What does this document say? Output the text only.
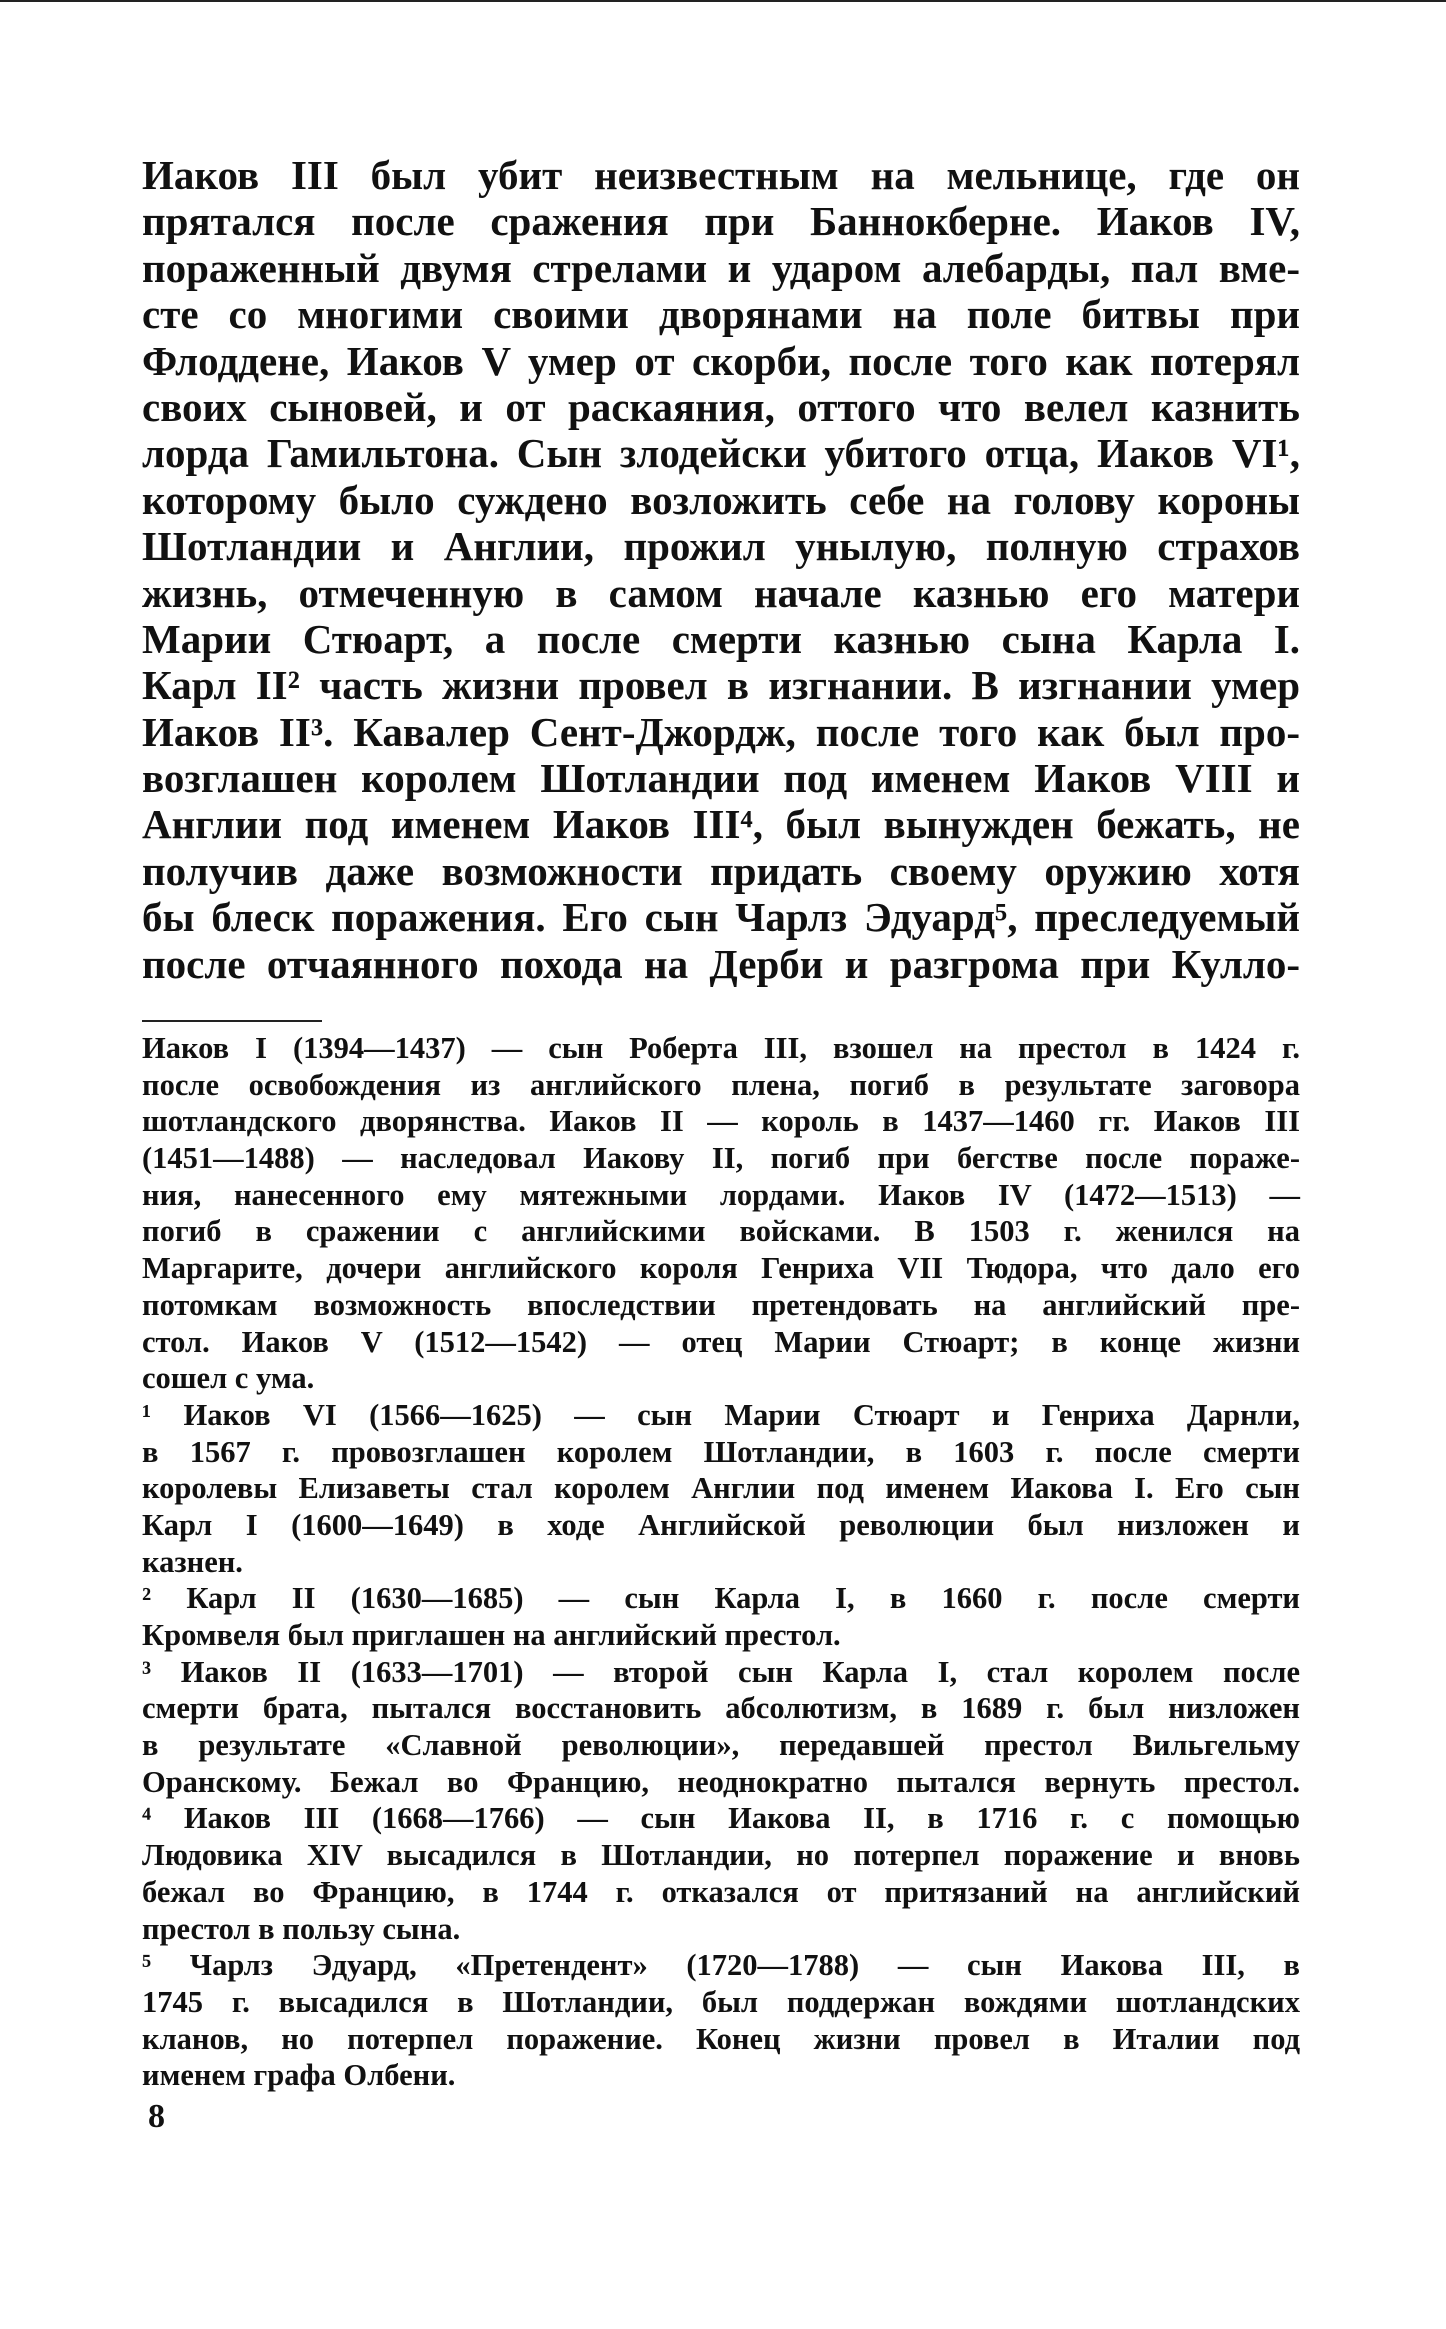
Иаков III был убит неизвестным на мельнице, где он
прятался после сражения при Баннокберне. Иаков IV,
пораженный двумя стрелами и ударом алебарды, пал вме-
сте со многими своими дворянами на поле битвы при
Флоддене, Иаков V умер от скорби, после того как потерял
своих сыновей, и от раскаяния, оттого что велел казнить
лорда Гамильтона. Сын злодейски убитого отца, Иаков VI¹,
которому было суждено возложить себе на голову короны
Шотландии и Англии, прожил унылую, полную страхов
жизнь, отмеченную в самом начале казнью его матери
Марии Стюарт, а после смерти казнью сына Карла I.
Карл II² часть жизни провел в изгнании. В изгнании умер
Иаков II³. Кавалер Сент-Джордж, после того как был про-
возглашен королем Шотландии под именем Иаков VIII и
Англии под именем Иаков III⁴, был вынужден бежать, не
получив даже возможности придать своему оружию хотя
бы блеск поражения. Его сын Чарлз Эдуард⁵, преследуемый
после отчаянного похода на Дерби и разгрома при Кулло-
Иаков I (1394—1437) — сын Роберта III, взошел на престол в 1424 г.
после освобождения из английского плена, погиб в результате заговора
шотландского дворянства. Иаков II — король в 1437—1460 гг. Иаков III
(1451—1488) — наследовал Иакову II, погиб при бегстве после пораже-
ния, нанесенного ему мятежными лордами. Иаков IV (1472—1513) —
погиб в сражении с английскими войсками. В 1503 г. женился на
Маргарите, дочери английского короля Генриха VII Тюдора, что дало его
потомкам возможность впоследствии претендовать на английский пре-
стол. Иаков V (1512—1542) — отец Марии Стюарт; в конце жизни
сошел с ума.
¹ Иаков VI (1566—1625) — сын Марии Стюарт и Генриха Дарнли,
в 1567 г. провозглашен королем Шотландии, в 1603 г. после смерти
королевы Елизаветы стал королем Англии под именем Иакова I. Его сын
Карл I (1600—1649) в ходе Английской революции был низложен и
казнен.
² Карл II (1630—1685) — сын Карла I, в 1660 г. после смерти
Кромвеля был приглашен на английский престол.
³ Иаков II (1633—1701) — второй сын Карла I, стал королем после
смерти брата, пытался восстановить абсолютизм, в 1689 г. был низложен
в результате «Славной революции», передавшей престол Вильгельму
Оранскому. Бежал во Францию, неоднократно пытался вернуть престол.
⁴ Иаков III (1668—1766) — сын Иакова II, в 1716 г. с помощью
Людовика XIV высадился в Шотландии, но потерпел поражение и вновь
бежал во Францию, в 1744 г. отказался от притязаний на английский
престол в пользу сына.
⁵ Чарлз Эдуард, «Претендент» (1720—1788) — сын Иакова III, в
1745 г. высадился в Шотландии, был поддержан вождями шотландских
кланов, но потерпел поражение. Конец жизни провел в Италии под
именем графа Олбени.
8
